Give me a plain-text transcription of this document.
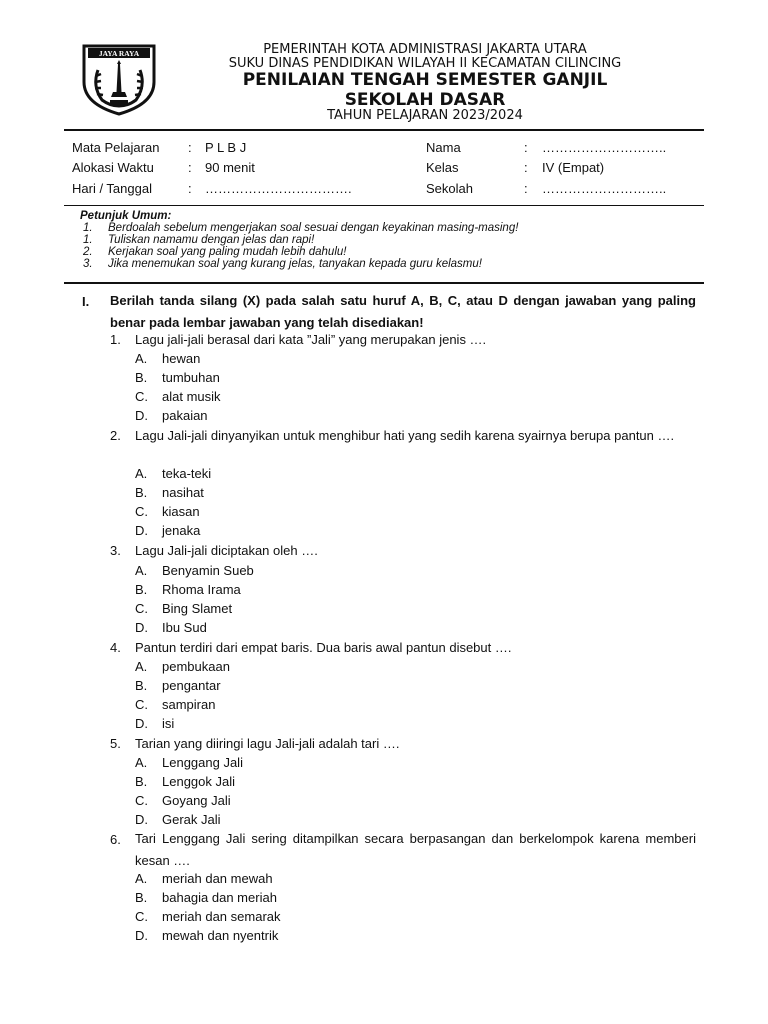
JAYA RAYA	PEMERINTAH KOTA ADMINISTRASI JAKARTA UTARA
SUKU DINAS PENDIDIKAN WILAYAH II KECAMATAN CILINCING
PENILAIAN TENGAH SEMESTER GANJIL
SEKOLAH DASAR
TAHUN PELAJARAN 2023/2024
Mata Pelajaran : P L B J
Alokasi Waktu	: 90 menit
Hari / Tanggal	: …………………………….
Nama	: ………………………..
Kelas	: IV (Empat)
Sekolah	: ………………………..
Petunjuk Umum:
1. Berdoalah sebelum mengerjakan soal sesuai dengan keyakinan masing-masing!
1. Tuliskan namamu dengan jelas dan rapi!
2. Kerjakan soal yang paling mudah lebih dahulu!
3. Jika menemukan soal yang kurang jelas, tanyakan kepada guru kelasmu!
I. Berilah tanda silang (X) pada salah satu huruf A, B, C, atau D dengan jawaban yang paling benar pada lembar jawaban yang telah disediakan!
1. Lagu jali-jali berasal dari kata ”Jali” yang merupakan jenis ….
A. hewan
B. tumbuhan
C. alat musik
D. pakaian
2. Lagu Jali-jali dinyanyikan untuk menghibur hati yang sedih karena syairnya berupa pantun ….
A. teka-teki
B. nasihat
C. kiasan
D. jenaka
3. Lagu Jali-jali diciptakan oleh ….
A. Benyamin Sueb
B. Rhoma Irama
C. Bing Slamet
D. Ibu Sud
4. Pantun terdiri dari empat baris. Dua baris awal pantun disebut ….
A. pembukaan
B. pengantar
C. sampiran
D. isi
5. Tarian yang diiringi lagu Jali-jali adalah tari ….
A. Lenggang Jali
B. Lenggok Jali
C. Goyang Jali
D. Gerak Jali
6. Tari Lenggang Jali sering ditampilkan secara berpasangan dan berkelompok karena memberi kesan ….
A. meriah dan mewah
B. bahagia dan meriah
C. meriah dan semarak
D. mewah dan nyentrik
